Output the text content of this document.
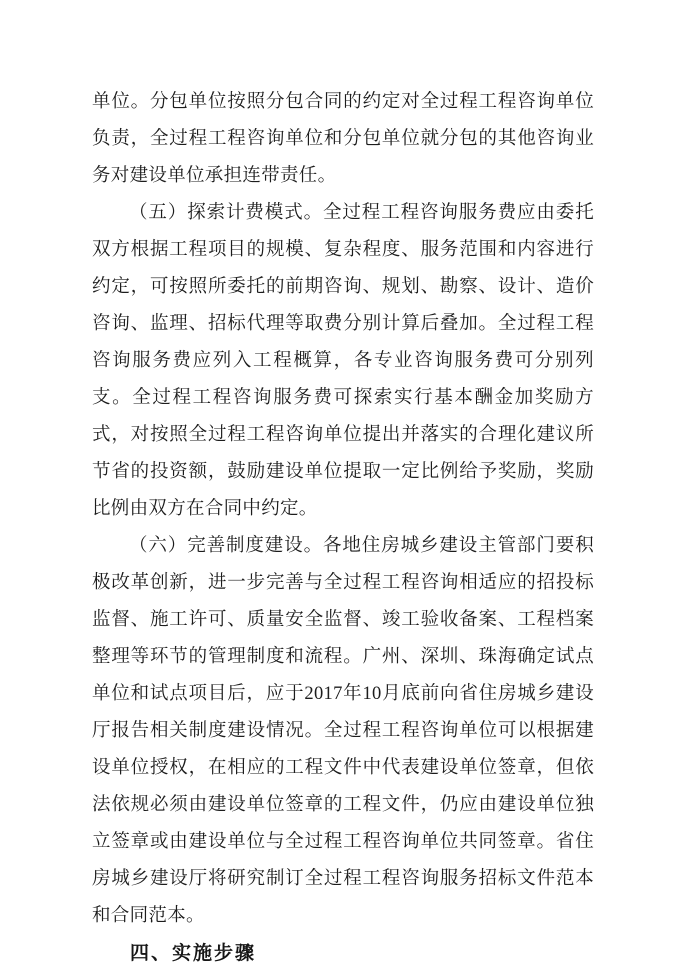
单位。分包单位按照分包合同的约定对全过程工程咨询单位负责，全过程工程咨询单位和分包单位就分包的其他咨询业务对建设单位承担连带责任。

（五）探索计费模式。全过程工程咨询服务费应由委托双方根据工程项目的规模、复杂程度、服务范围和内容进行约定，可按照所委托的前期咨询、规划、勘察、设计、造价咨询、监理、招标代理等取费分别计算后叠加。全过程工程咨询服务费应列入工程概算，各专业咨询服务费可分别列支。全过程工程咨询服务费可探索实行基本酬金加奖励方式，对按照全过程工程咨询单位提出并落实的合理化建议所节省的投资额，鼓励建设单位提取一定比例给予奖励，奖励比例由双方在合同中约定。

（六）完善制度建设。各地住房城乡建设主管部门要积极改革创新，进一步完善与全过程工程咨询相适应的招投标监督、施工许可、质量安全监督、竣工验收备案、工程档案整理等环节的管理制度和流程。广州、深圳、珠海确定试点单位和试点项目后，应于2017年10月底前向省住房城乡建设厅报告相关制度建设情况。全过程工程咨询单位可以根据建设单位授权，在相应的工程文件中代表建设单位签章，但依法依规必须由建设单位签章的工程文件，仍应由建设单位独立签章或由建设单位与全过程工程咨询单位共同签章。省住房城乡建设厅将研究制订全过程工程咨询服务招标文件范本和合同范本。

四、实施步骤
